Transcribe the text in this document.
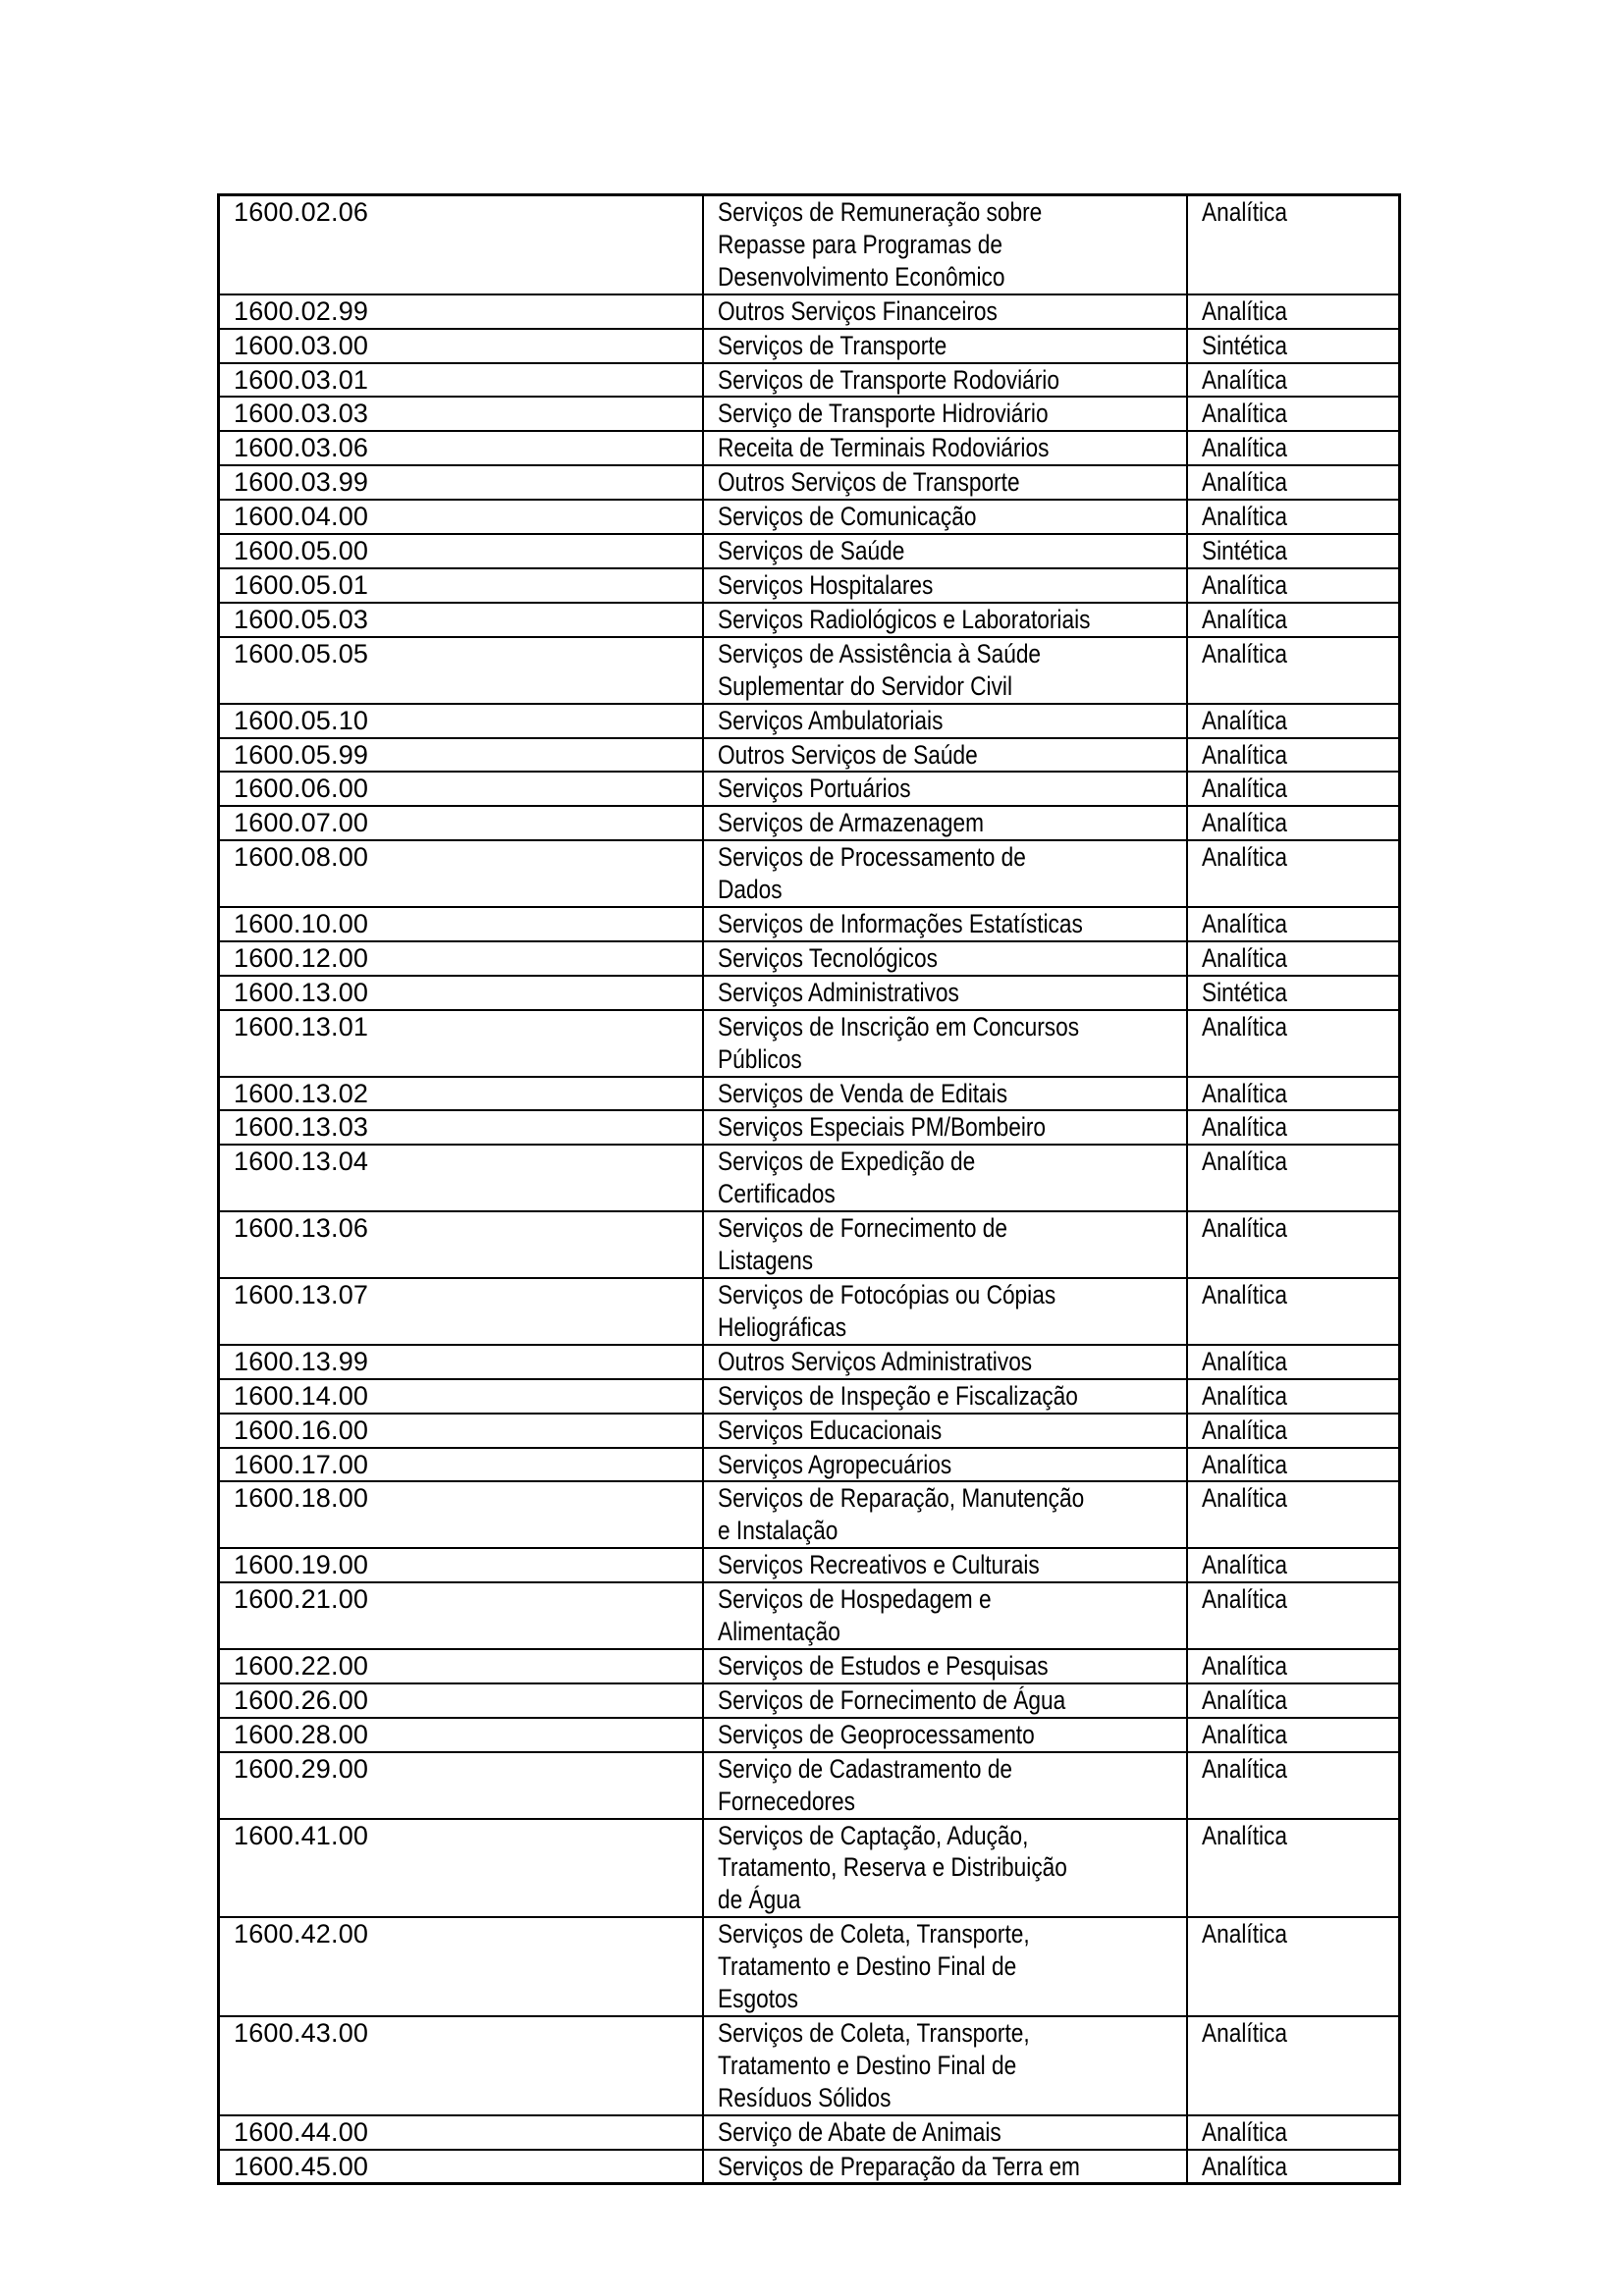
1600.02.06	Serviços de Remuneração sobre
Repasse para Programas de
Desenvolvimento Econômico	Analítica
1600.02.99	Outros Serviços Financeiros	Analítica
1600.03.00	Serviços de Transporte	Sintética
1600.03.01	Serviços de Transporte Rodoviário	Analítica
1600.03.03	Serviço de Transporte Hidroviário	Analítica
1600.03.06	Receita de Terminais Rodoviários	Analítica
1600.03.99	Outros Serviços de Transporte	Analítica
1600.04.00	Serviços de Comunicação	Analítica
1600.05.00	Serviços de Saúde	Sintética
1600.05.01	Serviços Hospitalares	Analítica
1600.05.03	Serviços Radiológicos e Laboratoriais	Analítica
1600.05.05	Serviços de Assistência à Saúde
Suplementar do Servidor Civil	Analítica
1600.05.10	Serviços Ambulatoriais	Analítica
1600.05.99	Outros Serviços de Saúde	Analítica
1600.06.00	Serviços Portuários	Analítica
1600.07.00	Serviços de Armazenagem	Analítica
1600.08.00	Serviços de Processamento de
Dados	Analítica
1600.10.00	Serviços de Informações Estatísticas	Analítica
1600.12.00	Serviços Tecnológicos	Analítica
1600.13.00	Serviços Administrativos	Sintética
1600.13.01	Serviços de Inscrição em Concursos
Públicos	Analítica
1600.13.02	Serviços de Venda de Editais	Analítica
1600.13.03	Serviços Especiais PM/Bombeiro	Analítica
1600.13.04	Serviços de Expedição de
Certificados	Analítica
1600.13.06	Serviços de Fornecimento de
Listagens	Analítica
1600.13.07	Serviços de Fotocópias ou Cópias
Heliográficas	Analítica
1600.13.99	Outros Serviços Administrativos	Analítica
1600.14.00	Serviços de Inspeção e Fiscalização	Analítica
1600.16.00	Serviços Educacionais	Analítica
1600.17.00	Serviços Agropecuários	Analítica
1600.18.00	Serviços de Reparação, Manutenção
e Instalação	Analítica
1600.19.00	Serviços Recreativos e Culturais	Analítica
1600.21.00	Serviços de Hospedagem e
Alimentação	Analítica
1600.22.00	Serviços de Estudos e Pesquisas	Analítica
1600.26.00	Serviços de Fornecimento de Água	Analítica
1600.28.00	Serviços de Geoprocessamento	Analítica
1600.29.00	Serviço de Cadastramento de
Fornecedores	Analítica
1600.41.00	Serviços de Captação, Adução,
Tratamento, Reserva e Distribuição
de Água	Analítica
1600.42.00	Serviços de Coleta, Transporte,
Tratamento e Destino Final de
Esgotos	Analítica
1600.43.00	Serviços de Coleta, Transporte,
Tratamento e Destino Final de
Resíduos Sólidos	Analítica
1600.44.00	Serviço de Abate de Animais	Analítica
1600.45.00	Serviços de Preparação da Terra em	Analítica
